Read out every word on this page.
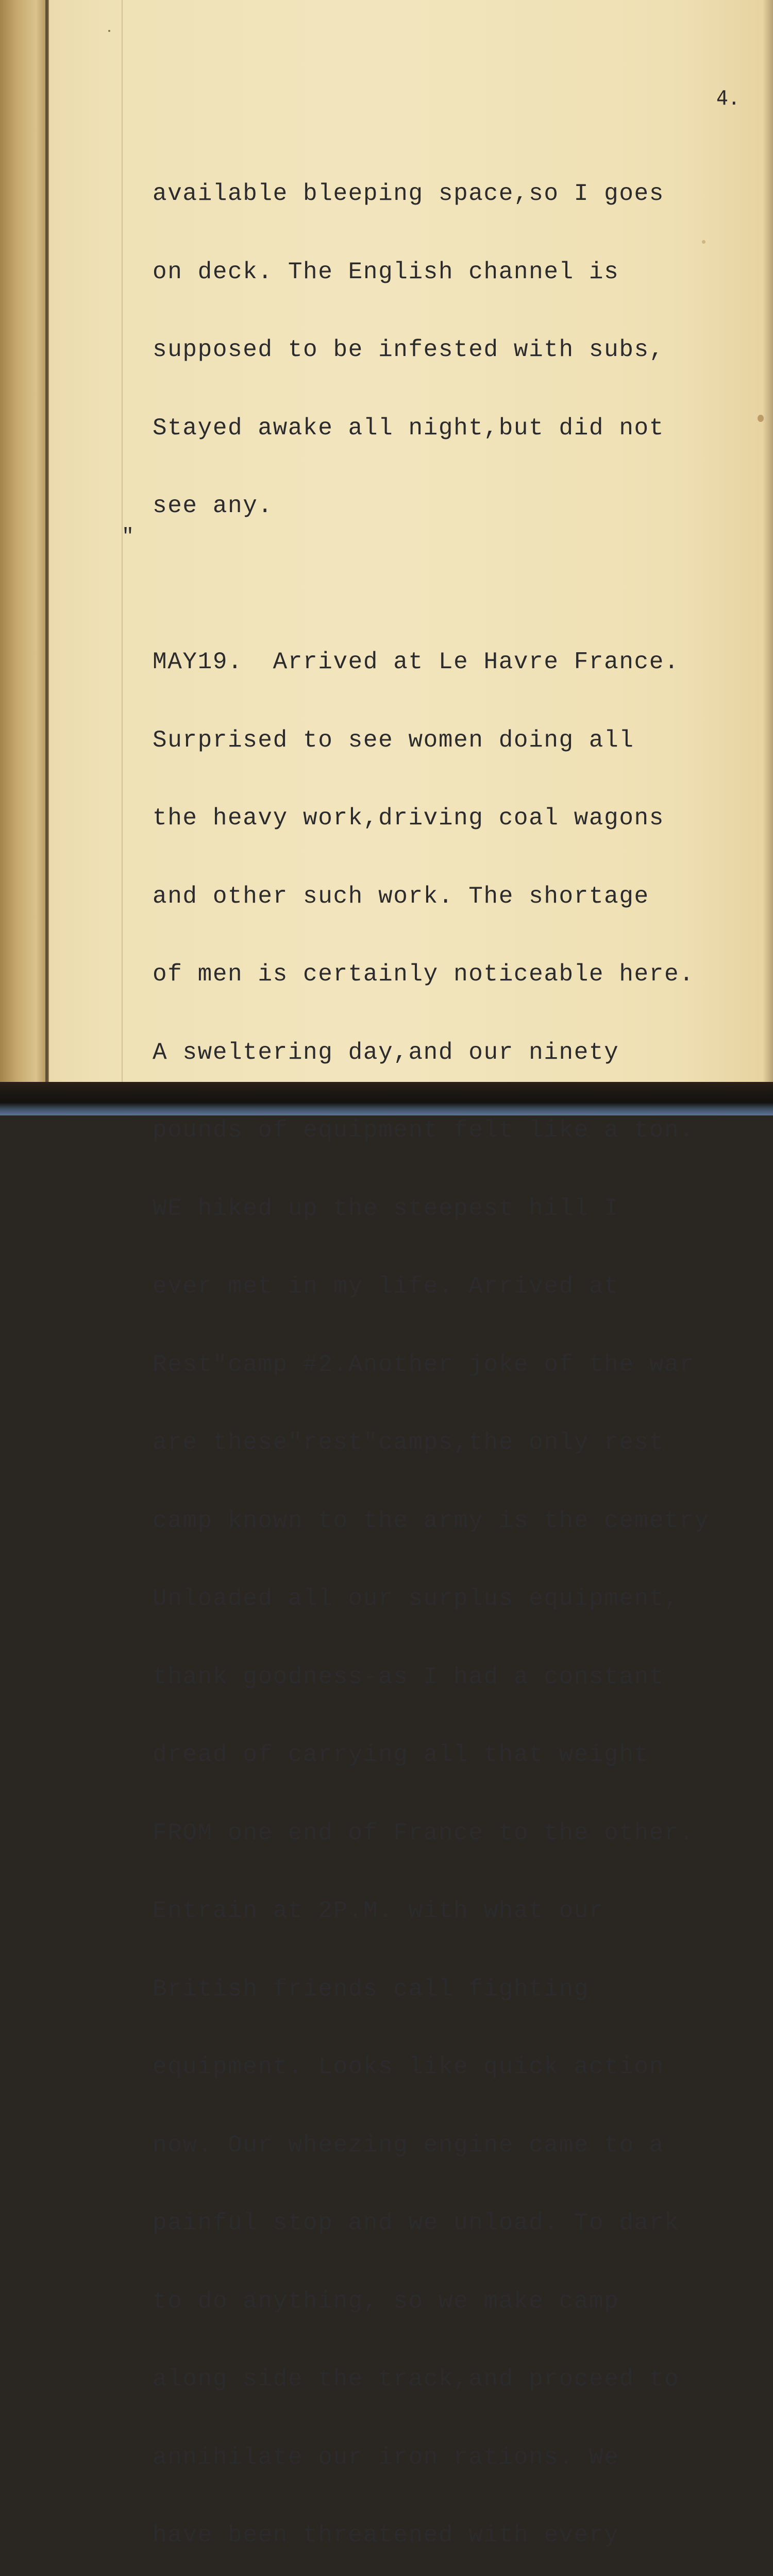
4.
"

available bleeping space,so I goes

on deck. The English channel is

supposed to be infested with subs,

Stayed awake all night,but did not

see any.

MAY19.  Arrived at Le Havre France.

Surprised to see women doing all

the heavy work,driving coal wagons

and other such work. The shortage

of men is certainly noticeable here.

A sweltering day,and our ninety

pounds of equipment felt like a ton.

WE hiked up the steepest hill I

ever met in my life. Arrived at

Rest"camp #2.Another joke of the war

are these"rest"camps,the only rest

camp known to the army is the cemetry

Unloaded all our surplus equipment,

thank goodness-as I had a constant

dread of carrying all that weight

FROM one end of France to the other.

Entrain at 2P.M. with what our

British friends call fighting

equipment. Looks like quick action

now. Our wheezing engine came to a

painful stop and we unload. To dark

to do anything, so we make camp

along side the track,and proceed to

annihilate our iron rations. We

have been threatened with every
